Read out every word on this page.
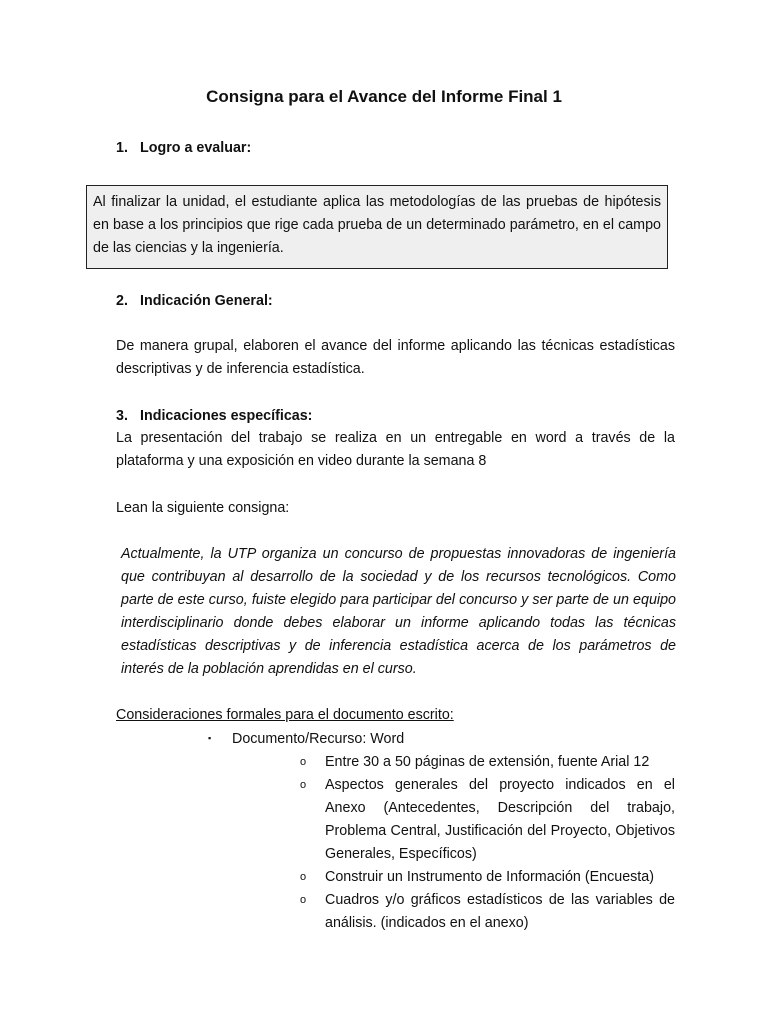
Consigna para el Avance del Informe Final 1
1. Logro a evaluar:
Al finalizar la unidad, el estudiante aplica las metodologías de las pruebas de hipótesis en base a los principios que rige cada prueba de un determinado parámetro, en el campo de las ciencias y la ingeniería.
2. Indicación General:
De manera grupal, elaboren el avance del informe aplicando las técnicas estadísticas descriptivas y de inferencia estadística.
3. Indicaciones específicas:
La presentación del trabajo se realiza en un entregable en word a través de la plataforma y una exposición en video durante la semana 8
Lean la siguiente consigna:
Actualmente, la UTP organiza un concurso de propuestas innovadoras de ingeniería que contribuyan al desarrollo de la sociedad y de los recursos tecnológicos. Como parte de este curso, fuiste elegido para participar del concurso y ser parte de un equipo interdisciplinario donde debes elaborar un informe aplicando todas las técnicas estadísticas descriptivas y de inferencia estadística acerca de los parámetros de interés de la población aprendidas en el curso.
Consideraciones formales para el documento escrito:
▪ Documento/Recurso: Word
o	Entre 30 a 50 páginas de extensión, fuente Arial 12
o	Aspectos generales del proyecto indicados en el Anexo (Antecedentes, Descripción del trabajo, Problema Central, Justificación del Proyecto, Objetivos Generales, Específicos)
o	Construir un Instrumento de Información (Encuesta)
o	Cuadros y/o gráficos estadísticos de las variables de análisis. (indicados en el anexo)
